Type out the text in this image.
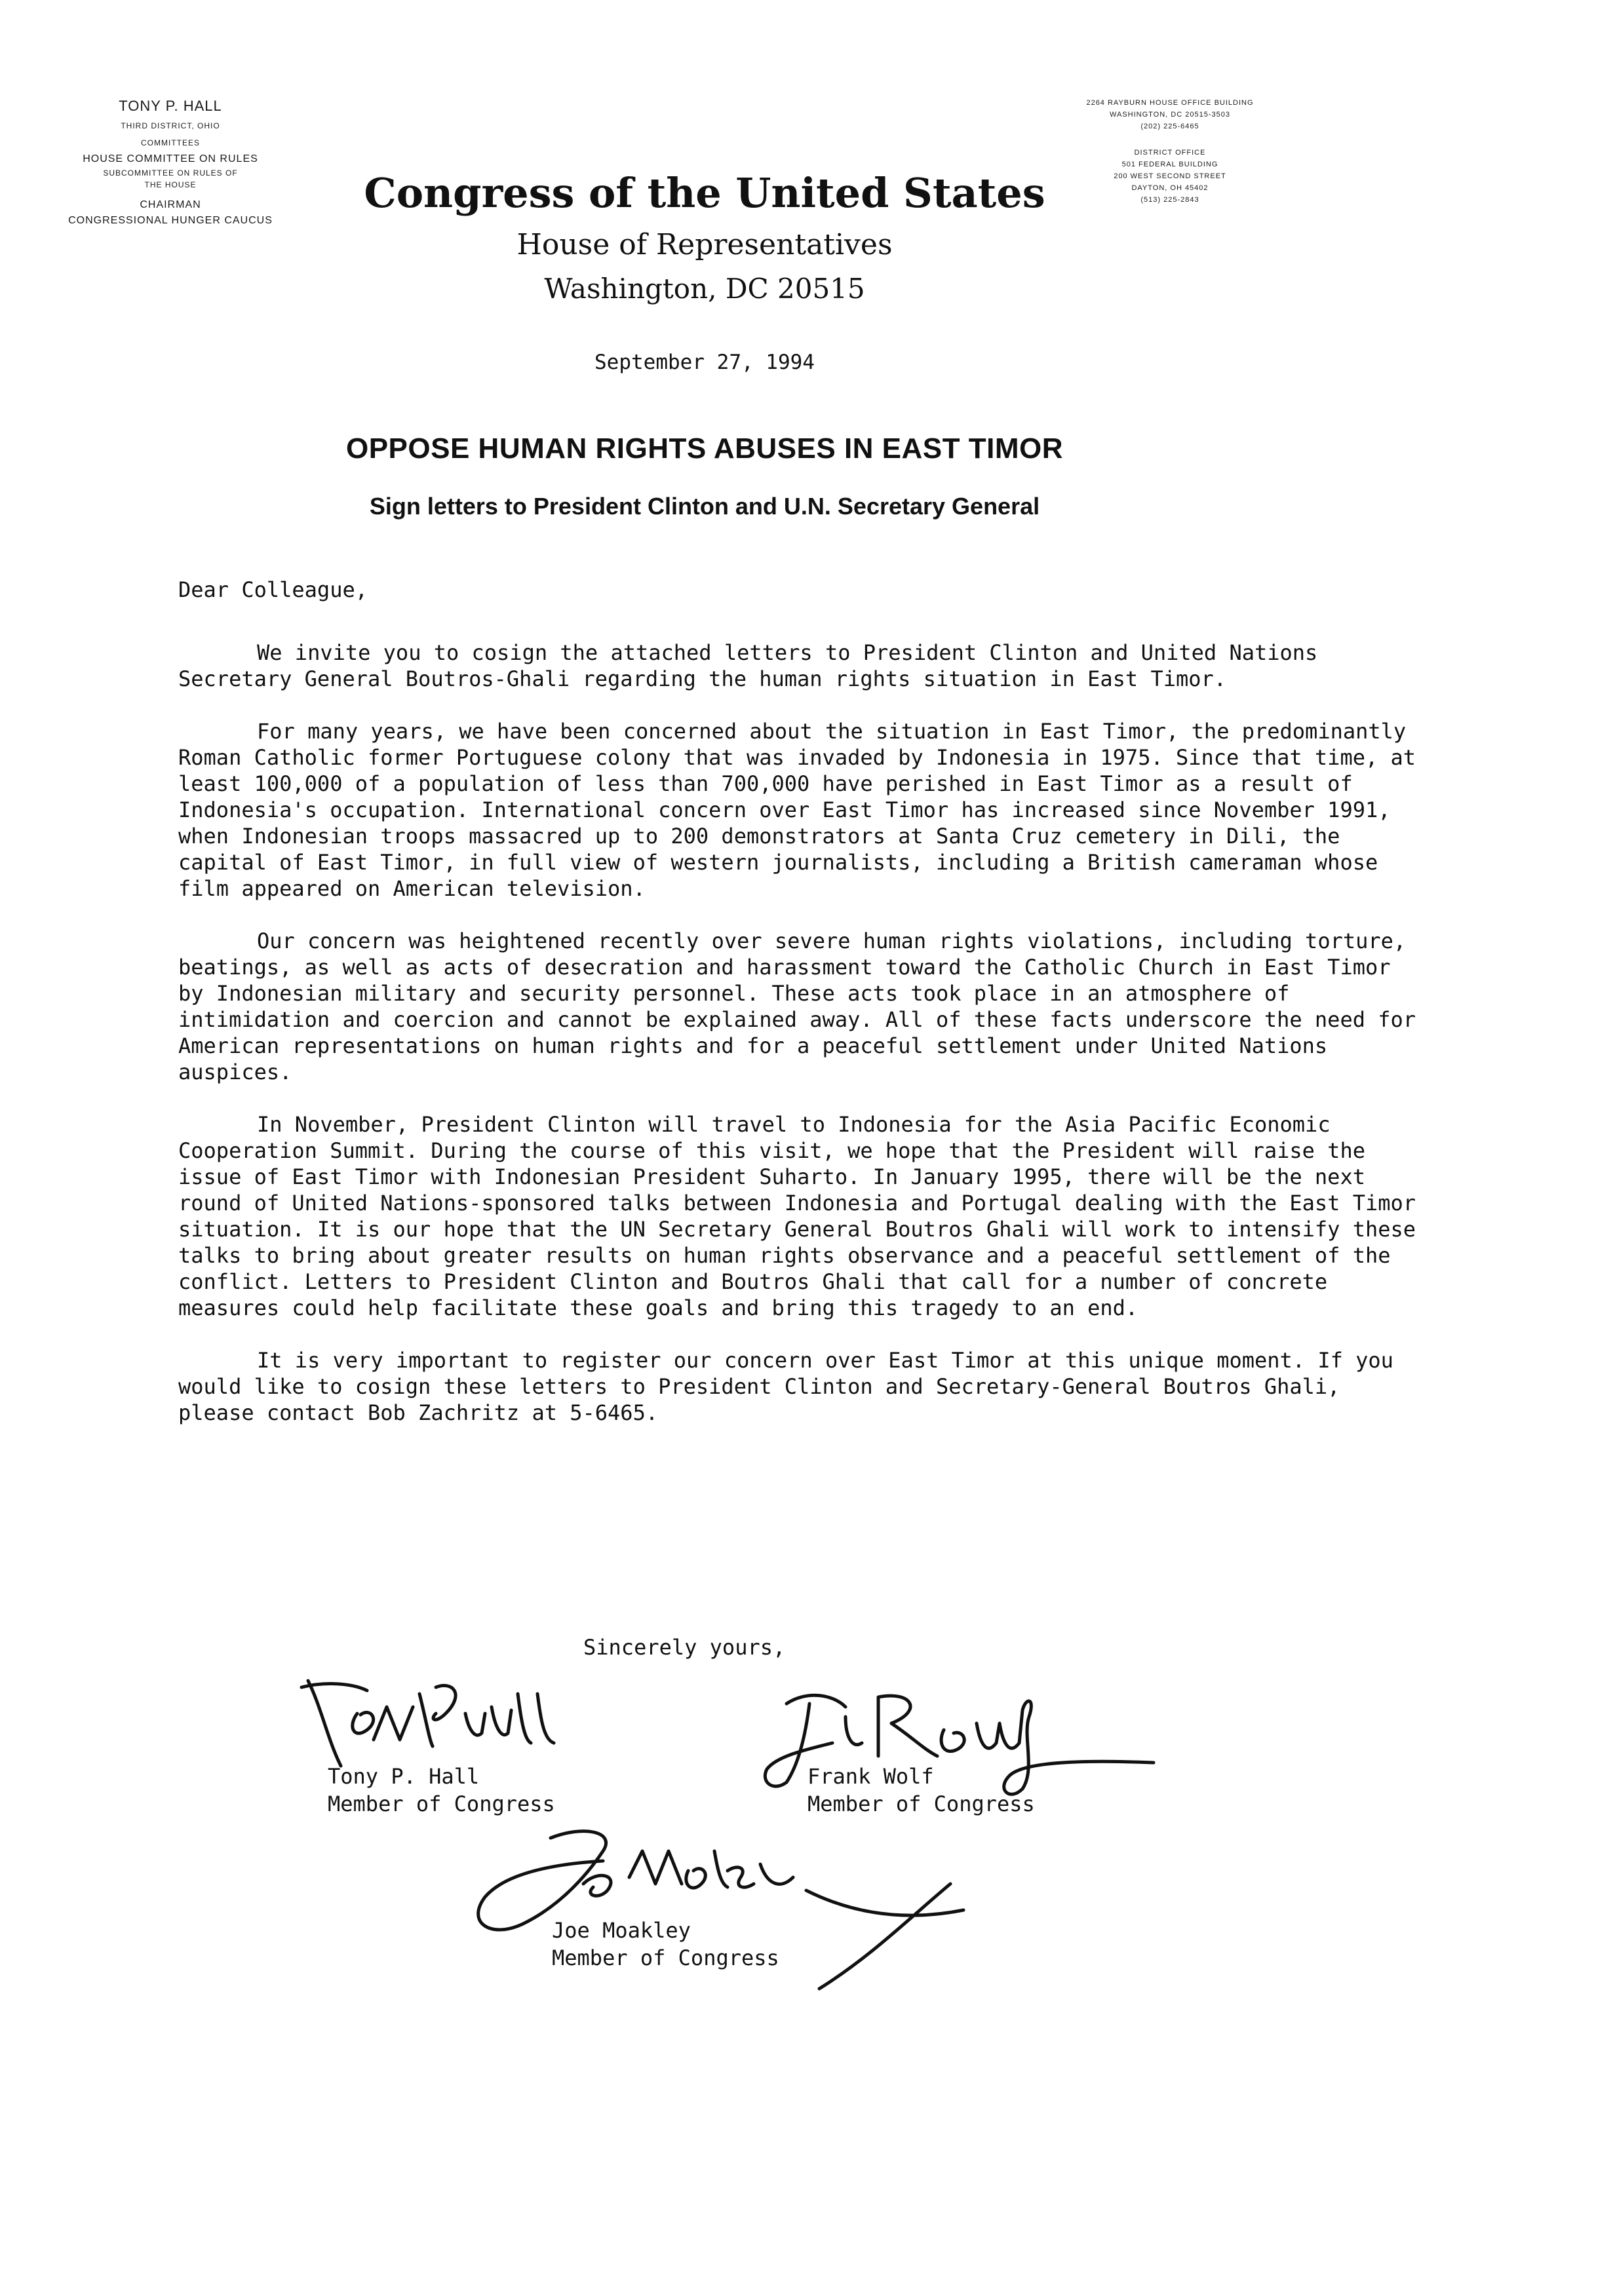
TONY P. HALL
THIRD DISTRICT, OHIO
COMMITTEES
HOUSE COMMITTEE ON RULES
SUBCOMMITTEE ON RULES OF
THE HOUSE
CHAIRMAN
CONGRESSIONAL HUNGER CAUCUS
2264 RAYBURN HOUSE OFFICE BUILDING
WASHINGTON, DC 20515-3503
(202) 225-6465
DISTRICT OFFICE
501 FEDERAL BUILDING
200 WEST SECOND STREET
DAYTON, OH 45402
(513) 225-2843
Congress of the United States
House of Representatives
Washington, DC 20515
September 27, 1994
OPPOSE HUMAN RIGHTS ABUSES IN EAST TIMOR
Sign letters to President Clinton and U.N. Secretary General

Dear Colleague,

We invite you to cosign the attached letters to President Clinton and United Nations Secretary General Boutros-Ghali regarding the human rights situation in East Timor.

For many years, we have been concerned about the situation in East Timor, the predominantly Roman Catholic former Portuguese colony that was invaded by Indonesia in 1975. Since that time, at least 100,000 of a population of less than 700,000 have perished in East Timor as a result of Indonesia's occupation. International concern over East Timor has increased since November 1991, when Indonesian troops massacred up to 200 demonstrators at Santa Cruz cemetery in Dili, the capital of East Timor, in full view of western journalists, including a British cameraman whose film appeared on American television.

Our concern was heightened recently over severe human rights violations, including torture, beatings, as well as acts of desecration and harassment toward the Catholic Church in East Timor by Indonesian military and security personnel. These acts took place in an atmosphere of intimidation and coercion and cannot be explained away. All of these facts underscore the need for American representations on human rights and for a peaceful settlement under United Nations auspices.

In November, President Clinton will travel to Indonesia for the Asia Pacific Economic Cooperation Summit. During the course of this visit, we hope that the President will raise the issue of East Timor with Indonesian President Suharto. In January 1995, there will be the next round of United Nations-sponsored talks between Indonesia and Portugal dealing with the East Timor situation. It is our hope that the UN Secretary General Boutros Ghali will work to intensify these talks to bring about greater results on human rights observance and a peaceful settlement of the conflict. Letters to President Clinton and Boutros Ghali that call for a number of concrete measures could help facilitate these goals and bring this tragedy to an end.

It is very important to register our concern over East Timor at this unique moment. If you would like to cosign these letters to President Clinton and Secretary-General Boutros Ghali, please contact Bob Zachritz at 5-6465.

Sincerely yours,
Tony P. Hall
Member of Congress
Frank Wolf
Member of Congress
Joe Moakley
Member of Congress
